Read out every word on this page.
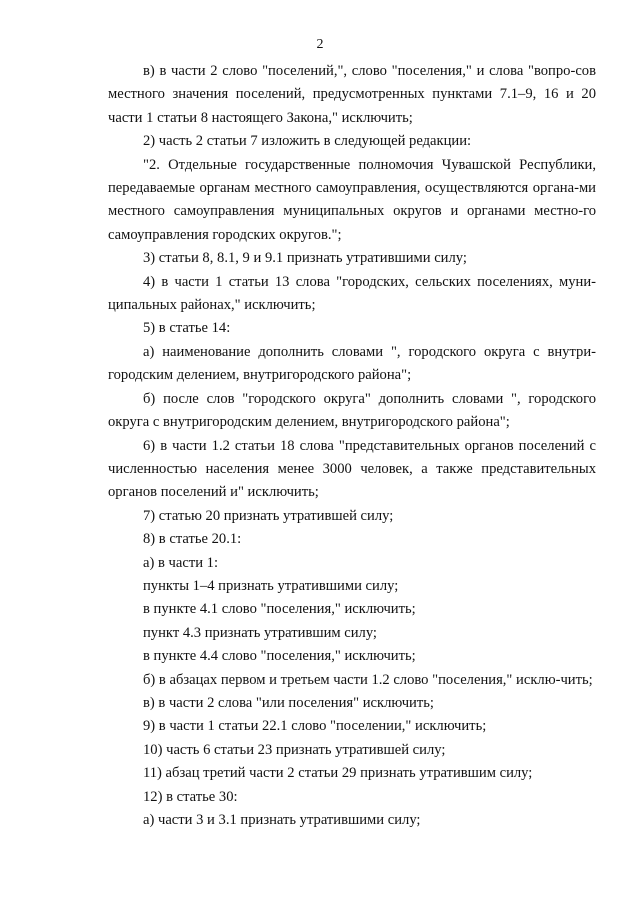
2

в) в части 2 слово "поселений,", слово "поселения," и слова "вопро-сов местного значения поселений, предусмотренных пунктами 7.1–9, 16 и 20 части 1 статьи 8 настоящего Закона," исключить;

2) часть 2 статьи 7 изложить в следующей редакции:

"2. Отдельные государственные полномочия Чувашской Республики, передаваемые органам местного самоуправления, осуществляются органа-ми местного самоуправления муниципальных округов и органами местно-го самоуправления городских округов.";

3) статьи 8, 8.1, 9 и 9.1 признать утратившими силу;

4) в части 1 статьи 13 слова "городских, сельских поселениях, муни-ципальных районах," исключить;

5) в статье 14:

а) наименование дополнить словами ", городского округа с внутри-городским делением, внутригородского района";

б) после слов "городского округа" дополнить словами ", городского округа с внутригородским делением, внутригородского района";

6) в части 1.2 статьи 18 слова "представительных органов поселений с численностью населения менее 3000 человек, а также представительных органов поселений и" исключить;

7) статью 20 признать утратившей силу;

8) в статье 20.1:

а) в части 1:

пункты 1–4 признать утратившими силу;

в пункте 4.1 слово "поселения," исключить;

пункт 4.3 признать утратившим силу;

в пункте 4.4 слово "поселения," исключить;

б) в абзацах первом и третьем части 1.2 слово "поселения," исклю-чить;

в) в части 2 слова "или поселения" исключить;

9) в части 1 статьи 22.1 слово "поселении," исключить;

10) часть 6 статьи 23 признать утратившей силу;

11) абзац третий части 2 статьи 29 признать утратившим силу;

12) в статье 30:

а) части 3 и 3.1 признать утратившими силу;
